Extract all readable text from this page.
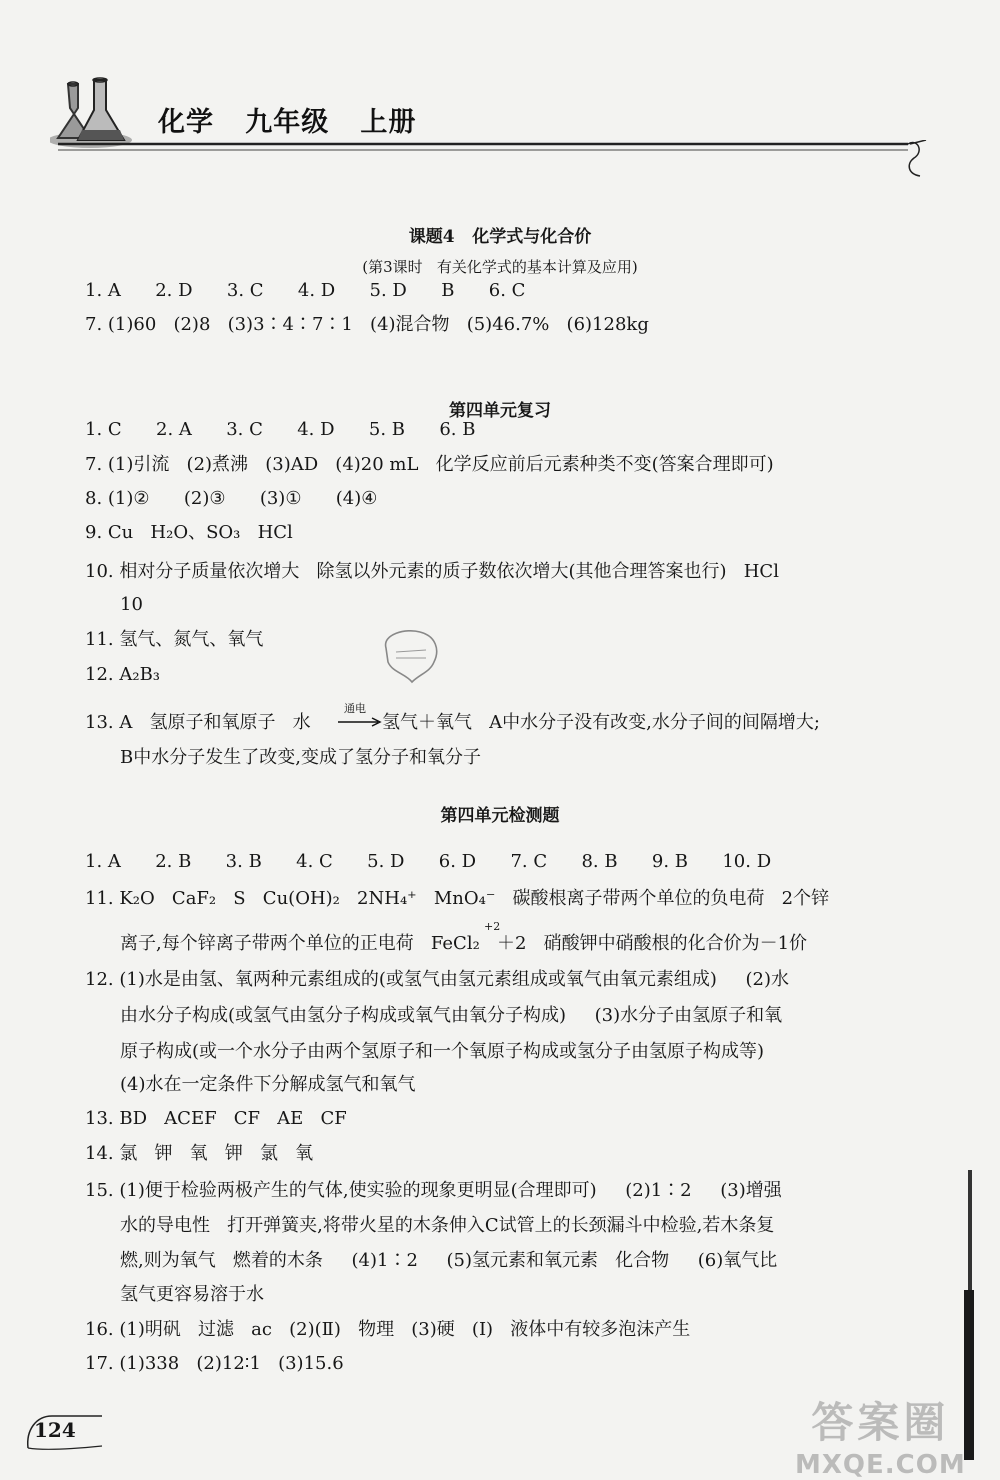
化学   九年级   上册
课题4   化学式与化合价
(第3课时   有关化学式的基本计算及应用)
1. A      2. D      3. C      4. D      5. D      B      6. C
7. (1)60   (2)8   (3)3∶4∶7∶1   (4)混合物   (5)46.7%   (6)128kg
第四单元复习
1. C      2. A      3. C      4. D      5. B      6. B
7. (1)引流   (2)煮沸   (3)AD   (4)20 mL   化学反应前后元素种类不变(答案合理即可)
8. (1)②      (2)③      (3)①      (4)④
9. Cu   H₂O、SO₃   HCl
10. 相对分子质量依次增大   除氢以外元素的质子数依次增大(其他合理答案也行)   HCl
10
11. 氢气、氮气、氧气
12. A₂B₃
13. A   氢原子和氧原子   水
通电
→ 氢气＋氧气   A中水分子没有改变,水分子间的间隔增大;
B中水分子发生了改变,变成了氢分子和氧分子
第四单元检测题
1. A      2. B      3. B      4. C      5. D      6. D      7. C      8. B      9. B      10. D
11. K₂O   CaF₂   S   Cu(OH)₂   2NH₄⁺   MnO₄⁻   碳酸根离子带两个单位的负电荷   2个锌
+2
离子,每个锌离子带两个单位的正电荷   FeCl₂   ＋2   硝酸钾中硝酸根的化合价为－1价
12. (1)水是由氢、氧两种元素组成的(或氢气由氢元素组成或氧气由氧元素组成)     (2)水
由水分子构成(或氢气由氢分子构成或氧气由氧分子构成)     (3)水分子由氢原子和氧
原子构成(或一个水分子由两个氢原子和一个氧原子构成或氢分子由氢原子构成等)
(4)水在一定条件下分解成氢气和氧气
13. BD   ACEF   CF   AE   CF
14. 氯   钾   氧   钾   氯   氧
15. (1)便于检验两极产生的气体,使实验的现象更明显(合理即可)     (2)1∶2     (3)增强
水的导电性   打开弹簧夹,将带火星的木条伸入C试管上的长颈漏斗中检验,若木条复
燃,则为氧气   燃着的木条     (4)1∶2     (5)氢元素和氧元素   化合物     (6)氧气比
氢气更容易溶于水
16. (1)明矾   过滤   ac   (2)(Ⅱ)   物理   (3)硬   (Ⅰ)   液体中有较多泡沫产生
17. (1)338   (2)12∶1   (3)15.6
124	答案圈
MXQE.COM
